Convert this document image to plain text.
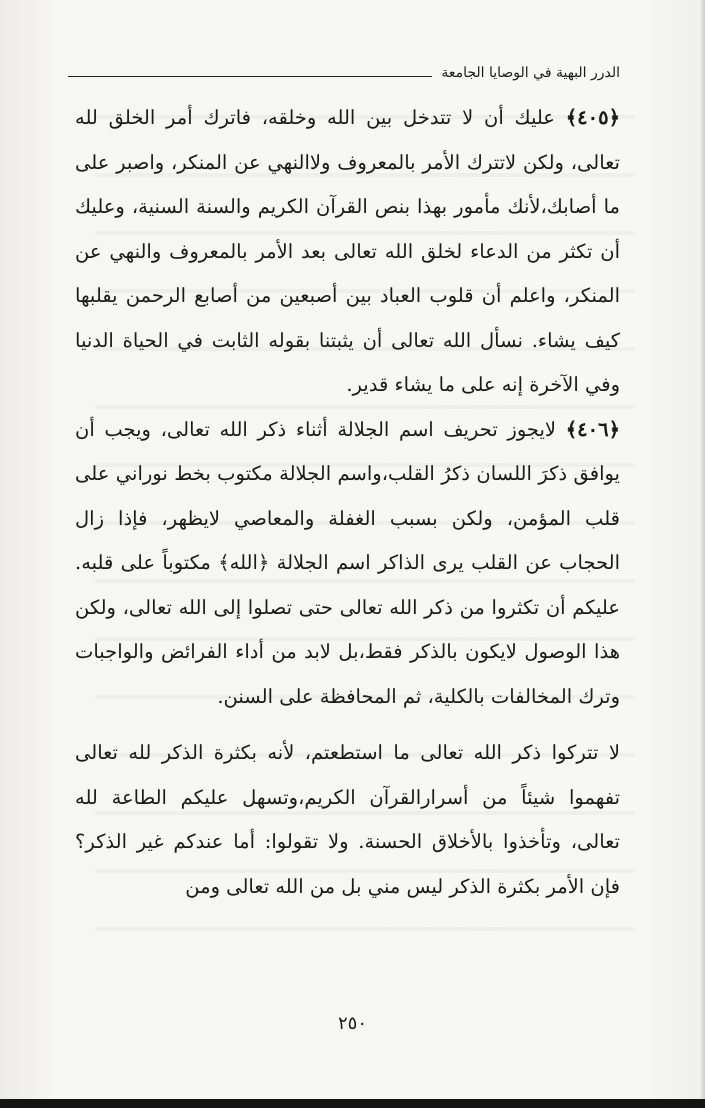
الدرر البهية في الوصايا الجامعة

﴿٤٠٥﴾ عليك أن لا تتدخل بين الله وخلقه، فاترك أمر الخلق لله تعالى، ولكن لاتترك الأمر بالمعروف ولاالنهي عن المنكر، واصبر على ما أصابك،لأنك مأمور بهذا بنص القرآن الكريم والسنة السنية، وعليك أن تكثر من الدعاء لخلق الله تعالى بعد الأمر بالمعروف والنهي عن المنكر، واعلم أن قلوب العباد بين أصبعين من أصابع الرحمن يقلبها كيف يشاء. نسأل الله تعالى أن يثبتنا بقوله الثابت في الحياة الدنيا وفي الآخرة إنه على ما يشاء قدير.

﴿٤٠٦﴾ لايجوز تحريف اسم الجلالة أثناء ذكر الله تعالى، ويجب أن يوافق ذكرَ اللسان ذكرُ القلب،واسم الجلالة مكتوب بخط نوراني على قلب المؤمن، ولكن بسبب الغفلة والمعاصي لايظهر، فإذا زال الحجاب عن القلب يرى الذاكر اسم الجلالة ﴿الله﴾ مكتوباً على قلبه. عليكم أن تكثروا من ذكر الله تعالى حتى تصلوا إلى الله تعالى، ولكن هذا الوصول لايكون بالذكر فقط،بل لابد من أداء الفرائض والواجبات وترك المخالفات بالكلية، ثم المحافظة على السنن.

لا تتركوا ذكر الله تعالى ما استطعتم، لأنه بكثرة الذكر لله تعالى تفهموا شيئاً من أسرارالقرآن الكريم،وتسهل عليكم الطاعة لله تعالى، وتأخذوا بالأخلاق الحسنة. ولا تقولوا: أما عندكم غير الذكر؟ فإن الأمر بكثرة الذكر ليس مني بل من الله تعالى ومن

٢٥٠
